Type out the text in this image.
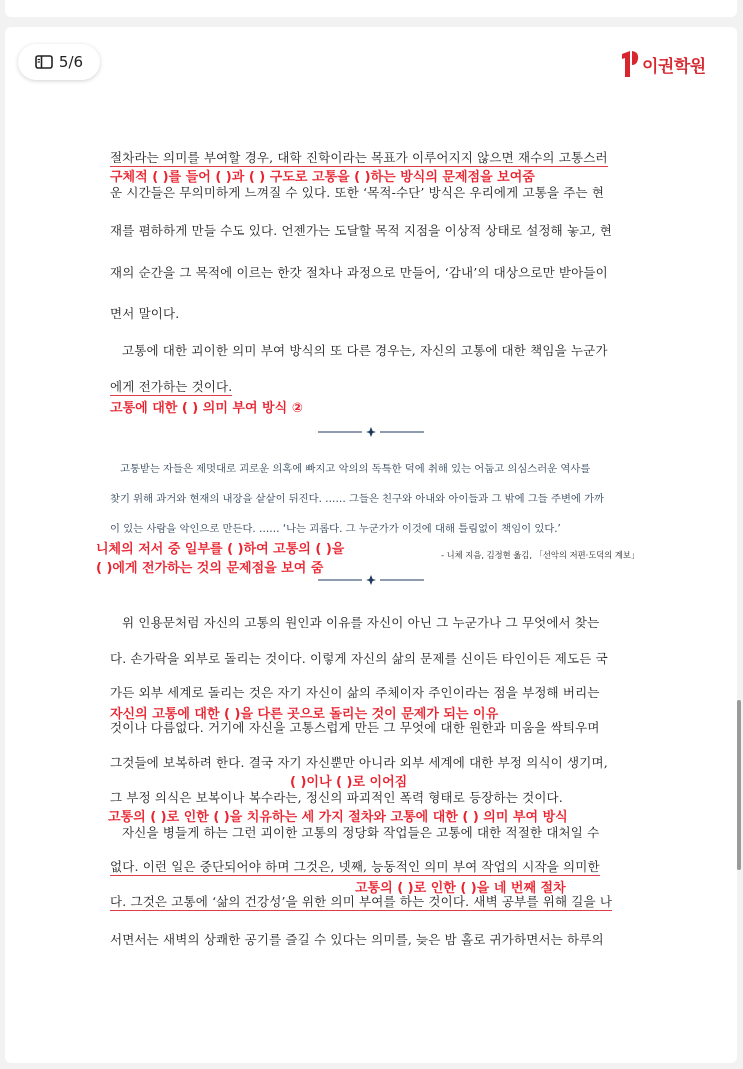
5/6	이권학원
절차라는 의미를 부여할 경우, 대학 진학이라는 목표가 이루어지지 않으면 재수의 고통스러
운 시간들은 무의미하게 느껴질 수 있다. 또한 ‘목적-수단’ 방식은 우리에게 고통을 주는 현
재를 폄하하게 만들 수도 있다. 언젠가는 도달할 목적 지점을 이상적 상태로 설정해 놓고, 현
재의 순간을 그 목적에 이르는 한갓 절차나 과정으로 만들어, ‘감내’의 대상으로만 받아들이
면서 말이다.
고통에 대한 괴이한 의미 부여 방식의 또 다른 경우는, 자신의 고통에 대한 책임을 누군가
에게 전가하는 것이다.
구체적 ( )를 들어 ( )과 ( ) 구도로 고통을 ( )하는 방식의 문제점을 보여줌
고통에 대한 ( ) 의미 부여 방식 ②
고통받는 자들은 제멋대로 괴로운 의혹에 빠지고 악의의 독특한 덕에 취해 있는 어둡고 의심스러운 역사를
찾기 위해 과거와 현재의 내장을 샅샅이 뒤진다. …… 그들은 친구와 아내와 아이들과 그 밖에 그들 주변에 가까
이 있는 사람을 악인으로 만든다. …… ‘나는 괴롭다. 그 누군가가 이것에 대해 틀림없이 책임이 있다.’
- 니체 지음, 김정현 옮김, 「선악의 저편·도덕의 계보」
니체의 저서 중 일부를 ( )하여 고통의 ( )을
( )에게 전가하는 것의 문제점을 보여 줌
위 인용문처럼 자신의 고통의 원인과 이유를 자신이 아닌 그 누군가나 그 무엇에서 찾는
다. 손가락을 외부로 돌리는 것이다. 이렇게 자신의 삶의 문제를 신이든 타인이든 제도든 국
가든 외부 세계로 돌리는 것은 자기 자신이 삶의 주체이자 주인이라는 점을 부정해 버리는
것이나 다름없다. 거기에 자신을 고통스럽게 만든 그 무엇에 대한 원한과 미움을 싹틔우며
그것들에 보복하려 한다. 결국 자기 자신뿐만 아니라 외부 세계에 대한 부정 의식이 생기며,
그 부정 의식은 보복이나 복수라는, 정신의 파괴적인 폭력 형태로 등장하는 것이다.
자신을 병들게 하는 그런 괴이한 고통의 정당화 작업들은 고통에 대한 적절한 대처일 수
없다. 이런 일은 중단되어야 하며 그것은, 넷째, 능동적인 의미 부여 작업의 시작을 의미한
다. 그것은 고통에 ‘삶의 건강성’을 위한 의미 부여를 하는 것이다. 새벽 공부를 위해 길을 나
서면서는 새벽의 상쾌한 공기를 즐길 수 있다는 의미를, 늦은 밤 홀로 귀가하면서는 하루의
자신의 고통에 대한 ( )을 다른 곳으로 돌리는 것이 문제가 되는 이유
( )이나 ( )로 이어짐
고통의 ( )로 인한 ( )을 치유하는 세 가지 절차와 고통에 대한 ( ) 의미 부여 방식
고통의 ( )로 인한 ( )을 네 번째 절차
